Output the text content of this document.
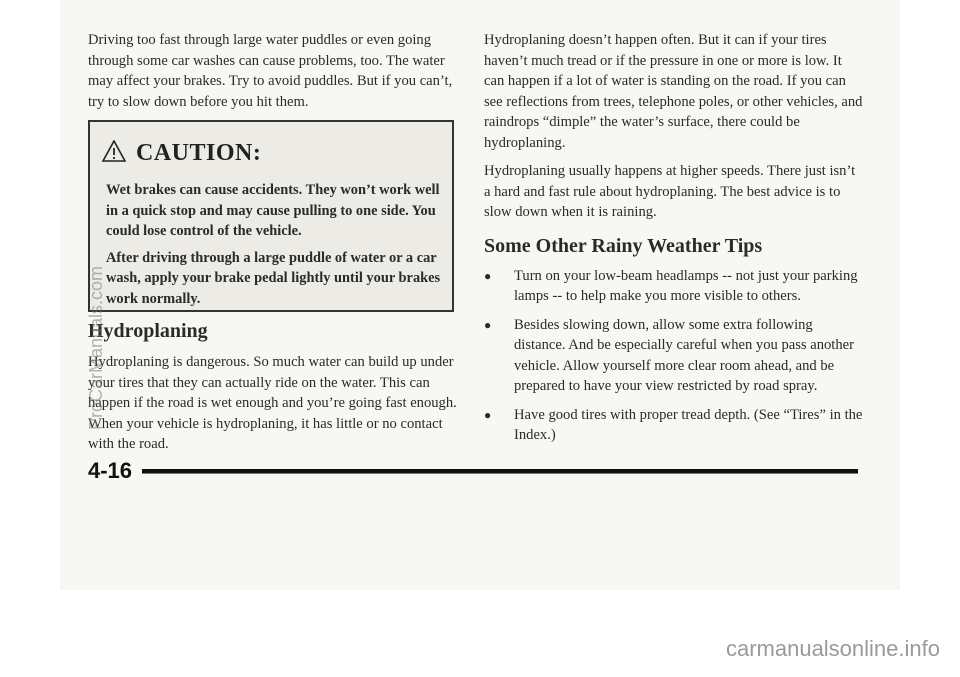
Driving too fast through large water puddles or even going through some car washes can cause problems, too. The water may affect your brakes. Try to avoid puddles. But if you can’t, try to slow down before you hit them.

CAUTION:

Wet brakes can cause accidents. They won’t work well in a quick stop and may cause pulling to one side. You could lose control of the vehicle.

After driving through a large puddle of water or a car wash, apply your brake pedal lightly until your brakes work normally.

Hydroplaning

Hydroplaning is dangerous. So much water can build up under your tires that they can actually ride on the water. This can happen if the road is wet enough and you’re going fast enough. When your vehicle is hydroplaning, it has little or no contact with the road.

Hydroplaning doesn’t happen often. But it can if your tires haven’t much tread or if the pressure in one or more is low. It can happen if a lot of water is standing on the road. If you can see reflections from trees, telephone poles, or other vehicles, and raindrops “dimple” the water’s surface, there could be hydroplaning.

Hydroplaning usually happens at higher speeds. There just isn’t a hard and fast rule about hydroplaning. The best advice is to slow down when it is raining.

Some Other Rainy Weather Tips
● Turn on your low-beam headlamps -- not just your parking lamps -- to help make you more visible to others.
● Besides slowing down, allow some extra following distance. And be especially careful when you pass another vehicle. Allow yourself more clear room ahead, and be prepared to have your view restricted by road spray.
● Have good tires with proper tread depth. (See “Tires” in the Index.)
4-16
ProCarManuals.com
carmanualsonline.info
